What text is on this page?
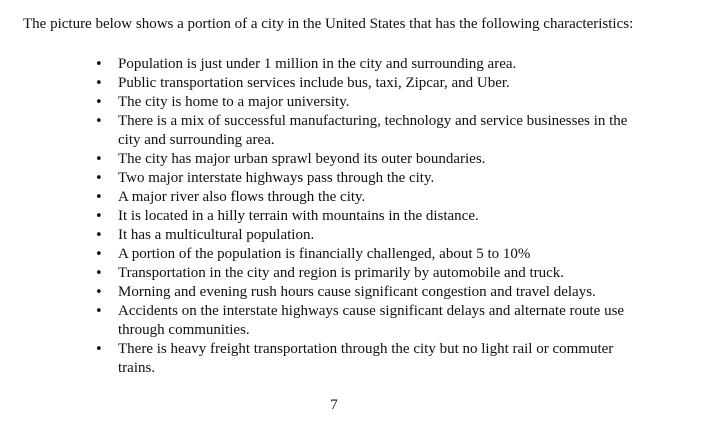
The picture below shows a portion of a city in the United States that has the following characteristics:

• Population is just under 1 million in the city and surrounding area.
• Public transportation services include bus, taxi, Zipcar, and Uber.
• The city is home to a major university.
• There is a mix of successful manufacturing, technology and service businesses in the city and surrounding area.
• The city has major urban sprawl beyond its outer boundaries.
• Two major interstate highways pass through the city.
• A major river also flows through the city.
• It is located in a hilly terrain with mountains in the distance.
• It has a multicultural population.
• A portion of the population is financially challenged, about 5 to 10%
• Transportation in the city and region is primarily by automobile and truck.
• Morning and evening rush hours cause significant congestion and travel delays.
• Accidents on the interstate highways cause significant delays and alternate route use through communities.
• There is heavy freight transportation through the city but no light rail or commuter trains.
7
